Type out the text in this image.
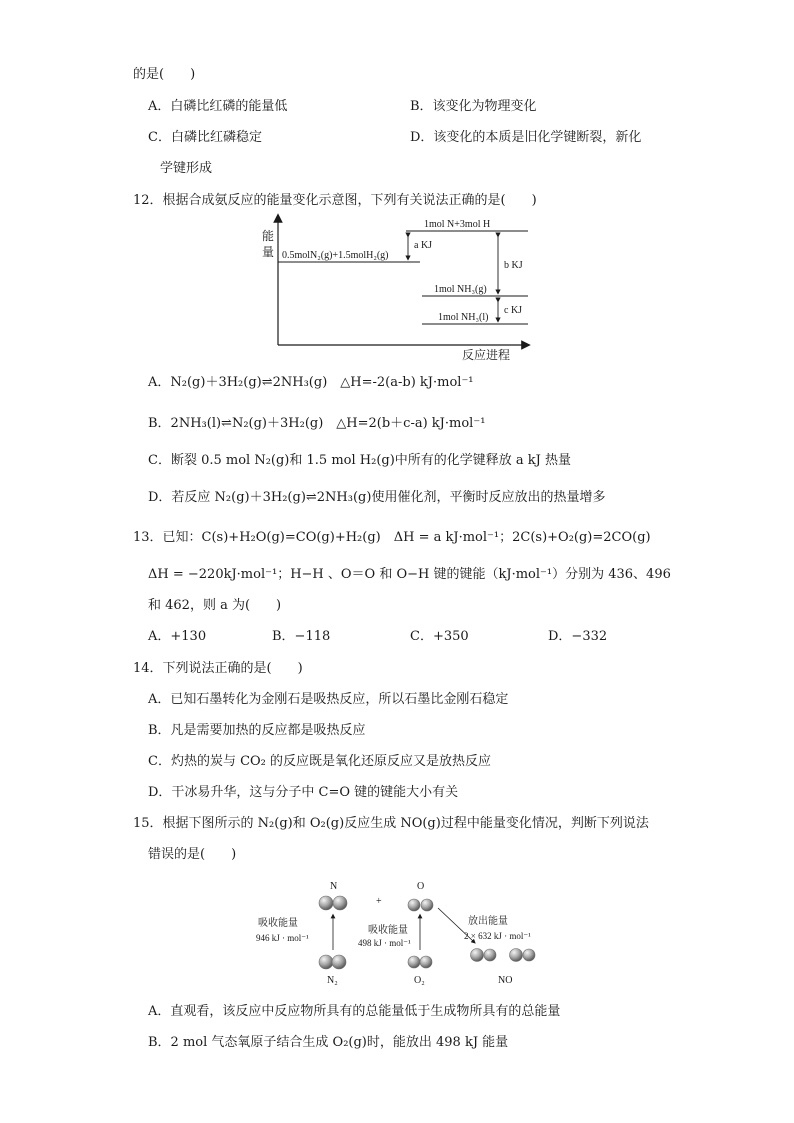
的是(　　)
A．白磷比红磷的能量低	B．该变化为物理变化
C．白磷比红磷稳定	D．该变化的本质是旧化学键断裂，新化
学键形成
12．根据合成氨反应的能量变化示意图，下列有关说法正确的是(　　)
能
量
反应进程
1mol N+3mol H
0.5molN₂(g)+1.5molH₂(g)
1mol NH₃(g)
1mol NH₃(l)
a KJ
b KJ
c KJ
A．N₂(g)＋3H₂(g)⇌2NH₃(g)　△H=-2(a-b) kJ·mol⁻¹
B．2NH₃(l)⇌N₂(g)＋3H₂(g)　△H=2(b＋c-a) kJ·mol⁻¹
C．断裂 0.5 mol N₂(g)和 1.5 mol H₂(g)中所有的化学键释放 a kJ 热量
D．若反应 N₂(g)＋3H₂(g)⇌2NH₃(g)使用催化剂，平衡时反应放出的热量增多
13．已知：C(s)+H₂O(g)=CO(g)+H₂(g)　ΔH = a kJ·mol⁻¹；2C(s)+O₂(g)=2CO(g)
ΔH = −220kJ·mol⁻¹；H−H 、O＝O 和 O−H 键的键能（kJ·mol⁻¹）分别为 436、496
和 462，则 a 为(　　)
A．+130	B．−118	C．+350	D．−332
14．下列说法正确的是(　　)
A．已知石墨转化为金刚石是吸热反应，所以石墨比金刚石稳定
B．凡是需要加热的反应都是吸热反应
C．灼热的炭与 CO₂ 的反应既是氧化还原反应又是放热反应
D．干冰易升华，这与分子中 C=O 键的键能大小有关
15．根据下图所示的 N₂(g)和 O₂(g)反应生成 NO(g)过程中能量变化情况，判断下列说法
错误的是(　　)
N
+
O
N₂
吸收能量
946 kJ · mol⁻¹
O₂
吸收能量
498 kJ · mol⁻¹
放出能量
2 × 632 kJ · mol⁻¹
NO
A．直观看，该反应中反应物所具有的总能量低于生成物所具有的总能量
B．2 mol 气态氧原子结合生成 O₂(g)时，能放出 498 kJ 能量
